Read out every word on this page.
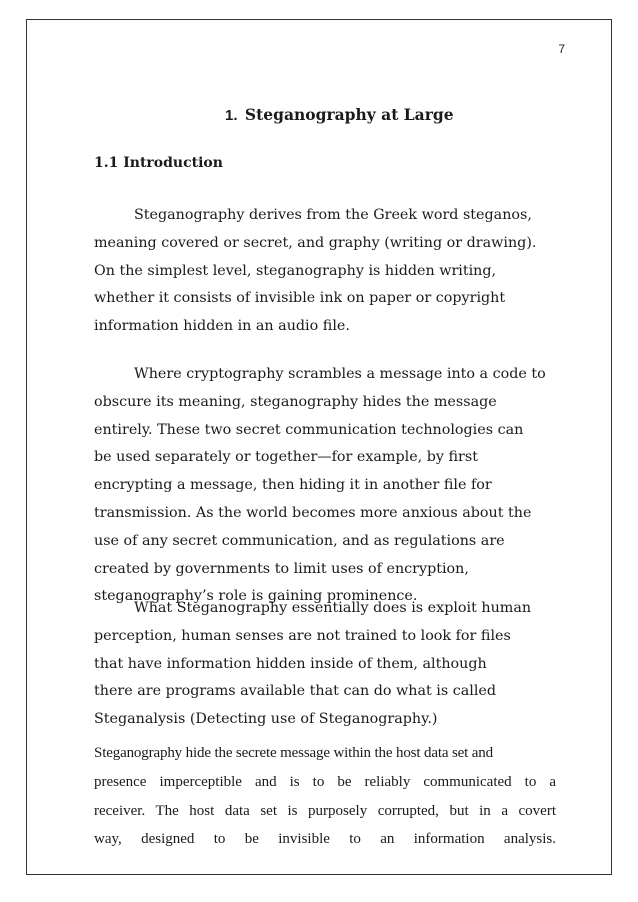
7
1. Steganography at Large
1.1 Introduction
Steganography derives from the Greek word steganos,
meaning covered or secret, and graphy (writing or drawing).
On the simplest level, steganography is hidden writing,
whether it consists of invisible ink on paper or copyright
information hidden in an audio file.
Where cryptography scrambles a message into a code to
obscure its meaning, steganography hides the message
entirely. These two secret communication technologies can
be used separately or together—for example, by first
encrypting a message, then hiding it in another file for
transmission. As the world becomes more anxious about the
use of any secret communication, and as regulations are
created by governments to limit uses of encryption,
steganography’s role is gaining prominence.
What Steganography essentially does is exploit human
perception, human senses are not trained to look for files
that have information hidden inside of them, although
there are programs available that can do what is called
Steganalysis (Detecting use of Steganography.)
Steganography hide the secrete message within the host data set and
presence imperceptible and is to be reliably communicated to a
receiver. The host data set is purposely corrupted, but in a covert
way, designed to be invisible to an information analysis.
